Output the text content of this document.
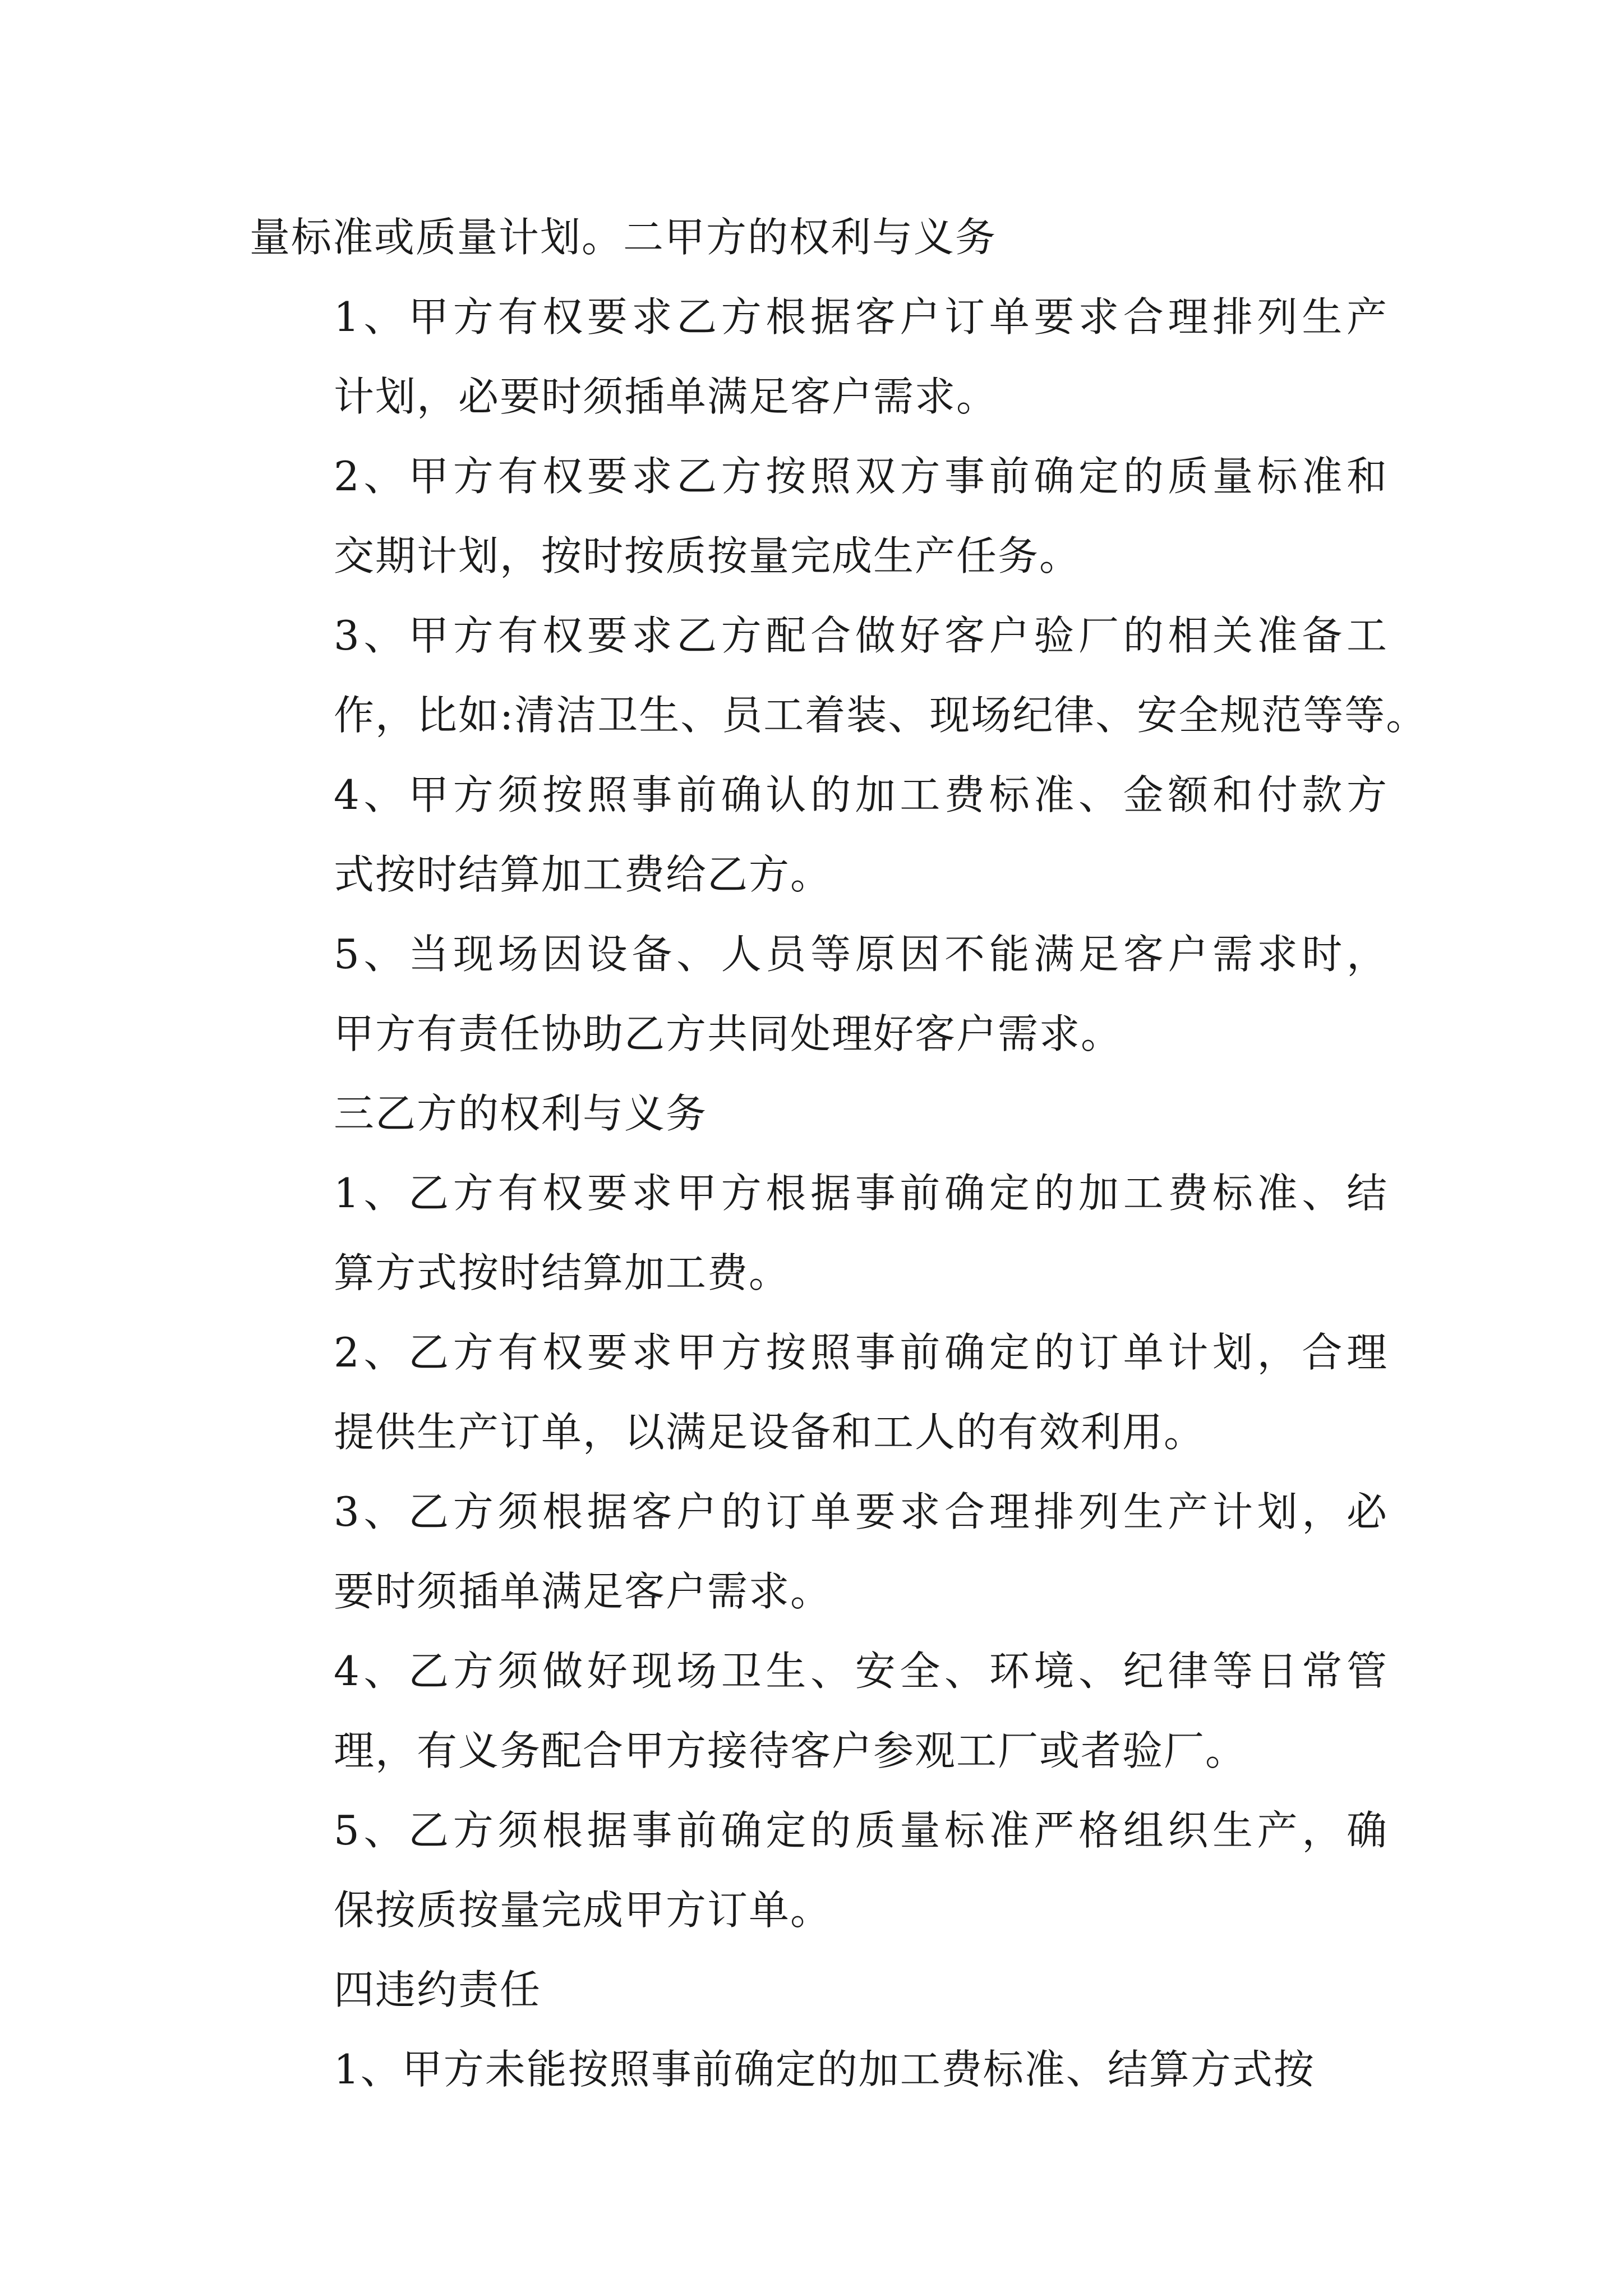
量标准或质量计划。二甲方的权利与义务
1、甲方有权要求乙方根据客户订单要求合理排列生产
计划，必要时须插单满足客户需求。
2、甲方有权要求乙方按照双方事前确定的质量标准和
交期计划，按时按质按量完成生产任务。
3、甲方有权要求乙方配合做好客户验厂的相关准备工
作，比如:清洁卫生、员工着装、现场纪律、安全规范等等。
4、甲方须按照事前确认的加工费标准、金额和付款方
式按时结算加工费给乙方。
5、当现场因设备、人员等原因不能满足客户需求时，
甲方有责任协助乙方共同处理好客户需求。
三乙方的权利与义务
1、乙方有权要求甲方根据事前确定的加工费标准、结
算方式按时结算加工费。
2、乙方有权要求甲方按照事前确定的订单计划，合理
提供生产订单，以满足设备和工人的有效利用。
3、乙方须根据客户的订单要求合理排列生产计划，必
要时须插单满足客户需求。
4、乙方须做好现场卫生、安全、环境、纪律等日常管
理，有义务配合甲方接待客户参观工厂或者验厂。
5、乙方须根据事前确定的质量标准严格组织生产，确
保按质按量完成甲方订单。
四违约责任
1、甲方未能按照事前确定的加工费标准、结算方式按
